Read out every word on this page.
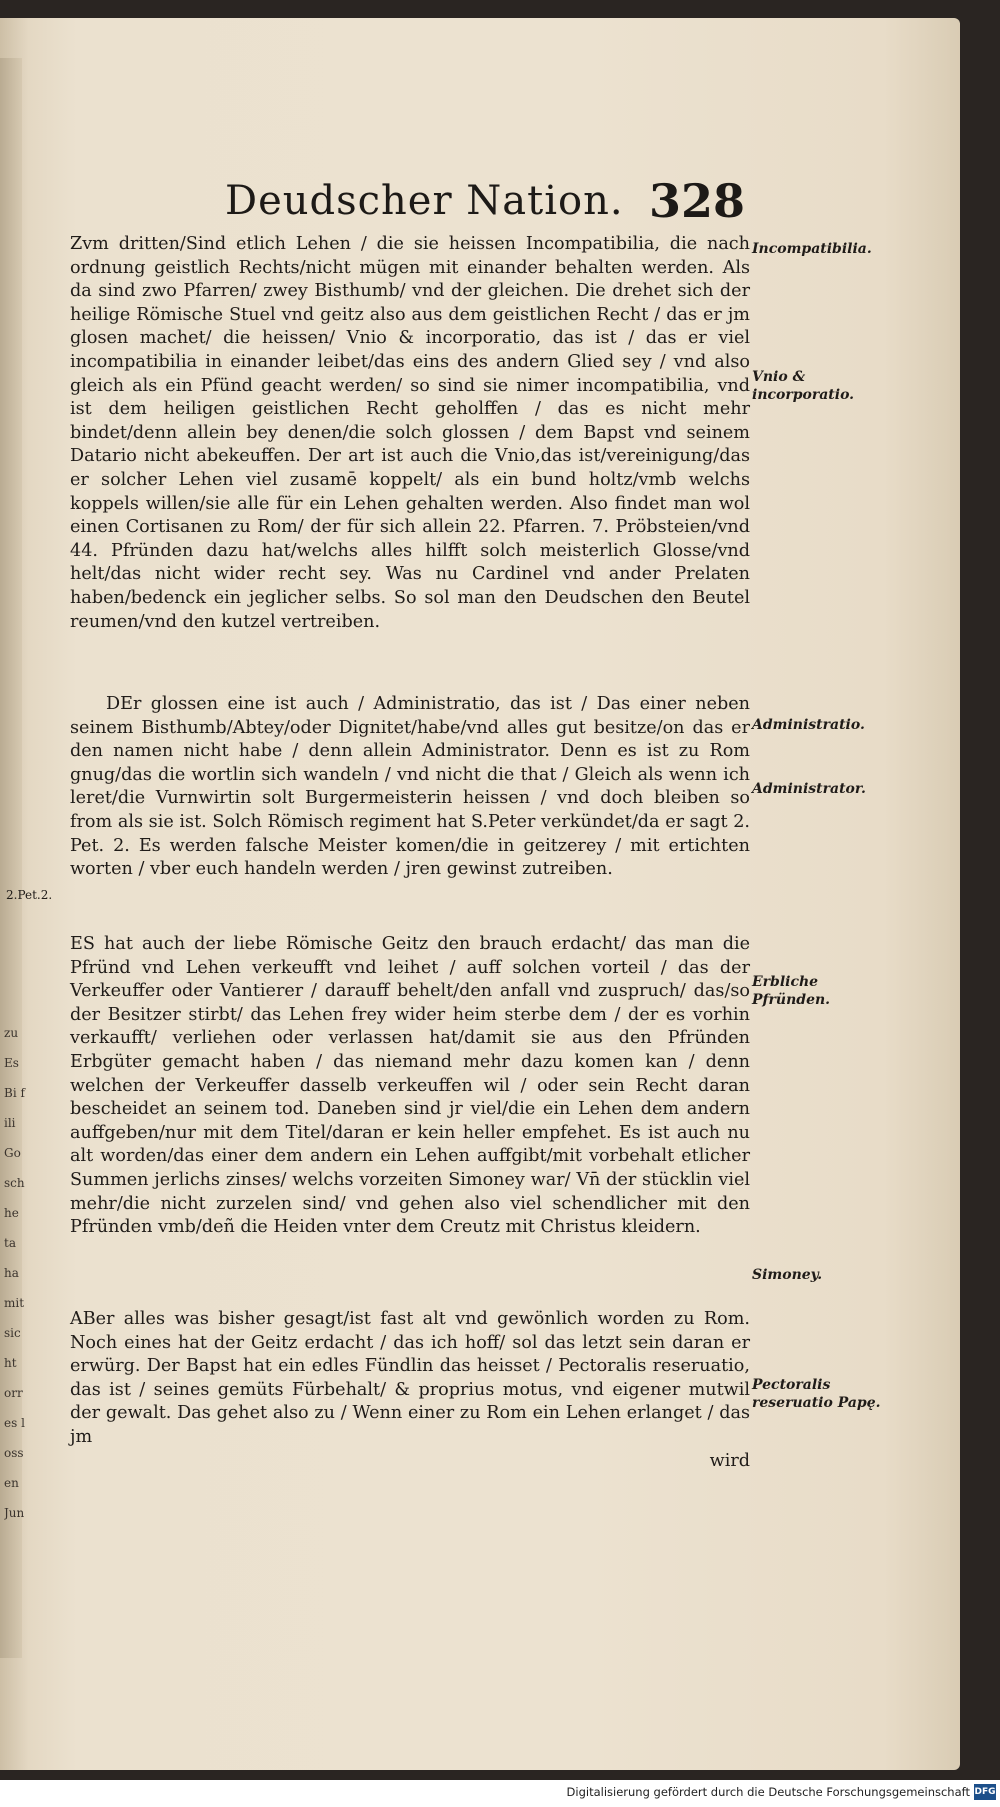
Deudscher Nation. 328

Zvm dritten/Sind etlich Lehen / die sie heissen Incompatibilia, die nach ordnung geistlich Rechts/nicht mügen mit einander behalten werden. Als da sind zwo Pfarren/ zwey Bisthumb/ vnd der gleichen. Die drehet sich der heilige Römische Stuel vnd geitz also aus dem geistlichen Recht / das er jm glosen machet/ die heissen/ Vnio & incorporatio, das ist / das er viel incompatibilia in einander leibet/das eins des andern Glied sey / vnd also gleich als ein Pfünd geacht werden/ so sind sie nimer incompatibilia, vnd ist dem heiligen geistlichen Recht geholffen / das es nicht mehr bindet/denn allein bey denen/die solch glossen / dem Bapst vnd seinem Datario nicht abekeuffen. Der art ist auch die Vnio,das ist/vereinigung/das er solcher Lehen viel zusamē koppelt/ als ein bund holtz/vmb welchs koppels willen/sie alle für ein Lehen gehalten werden. Also findet man wol einen Cortisanen zu Rom/ der für sich allein 22. Pfarren. 7. Pröbsteien/vnd 44. Pfründen dazu hat/welchs alles hilfft solch meisterlich Glosse/vnd helt/das nicht wider recht sey. Was nu Cardinel vnd ander Prelaten haben/bedenck ein jeglicher selbs. So sol man den Deudschen den Beutel reumen/vnd den kutzel vertreiben.

DEr glossen eine ist auch / Administratio, das ist / Das einer neben seinem Bisthumb/Abtey/oder Dignitet/habe/vnd alles gut besitze/on das er den namen nicht habe / denn allein Administrator. Denn es ist zu Rom gnug/das die wortlin sich wandeln / vnd nicht die that / Gleich als wenn ich leret/die Vurnwirtin solt Burgermeisterin heissen / vnd doch bleiben so from als sie ist. Solch Römisch regiment hat S.Peter verkündet/da er sagt 2. Pet. 2. Es werden falsche Meister komen/die in geitzerey / mit ertichten worten / vber euch handeln werden / jren gewinst zutreiben.

ES hat auch der liebe Römische Geitz den brauch erdacht/ das man die Pfründ vnd Lehen verkeufft vnd leihet / auff solchen vorteil / das der Verkeuffer oder Vantierer / darauff behelt/den anfall vnd zuspruch/ das/so der Besitzer stirbt/ das Lehen frey wider heim sterbe dem / der es vorhin verkaufft/ verliehen oder verlassen hat/damit sie aus den Pfründen Erbgüter gemacht haben / das niemand mehr dazu komen kan / denn welchen der Verkeuffer dasselb verkeuffen wil / oder sein Recht daran bescheidet an seinem tod. Daneben sind jr viel/die ein Lehen dem andern auffgeben/nur mit dem Titel/daran er kein heller empfehet. Es ist auch nu alt worden/das einer dem andern ein Lehen auffgibt/mit vorbehalt etlicher Summen jerlichs zinses/ welchs vorzeiten Simoney war/ Vn̄ der stücklin viel mehr/die nicht zurzelen sind/ vnd gehen also viel schendlicher mit den Pfründen vmb/deñ die Heiden vnter dem Creutz mit Christus kleidern.

ABer alles was bisher gesagt/ist fast alt vnd gewönlich worden zu Rom. Noch eines hat der Geitz erdacht / das ich hoff/ sol das letzt sein daran er erwürg. Der Bapst hat ein edles Fündlin das heisset / Pectoralis reseruatio, das ist / seines gemüts Fürbehalt/ & proprius motus, vnd eigener mutwil der gewalt. Das gehet also zu / Wenn einer zu Rom ein Lehen erlanget / das jm

wird

Incompatibilia.
Vnio & incorporatio.
Administratio.
Administrator.
Erbliche Pfründen.
Simoney.
Pectoralis reseruatio Papę.
2.Pet.2.
zu Es Bi fili Go sch he ta ha mit sicht orres lossen Jun
Digitalisierung gefördert durch die Deutsche Forschungsgemeinschaft DFG
